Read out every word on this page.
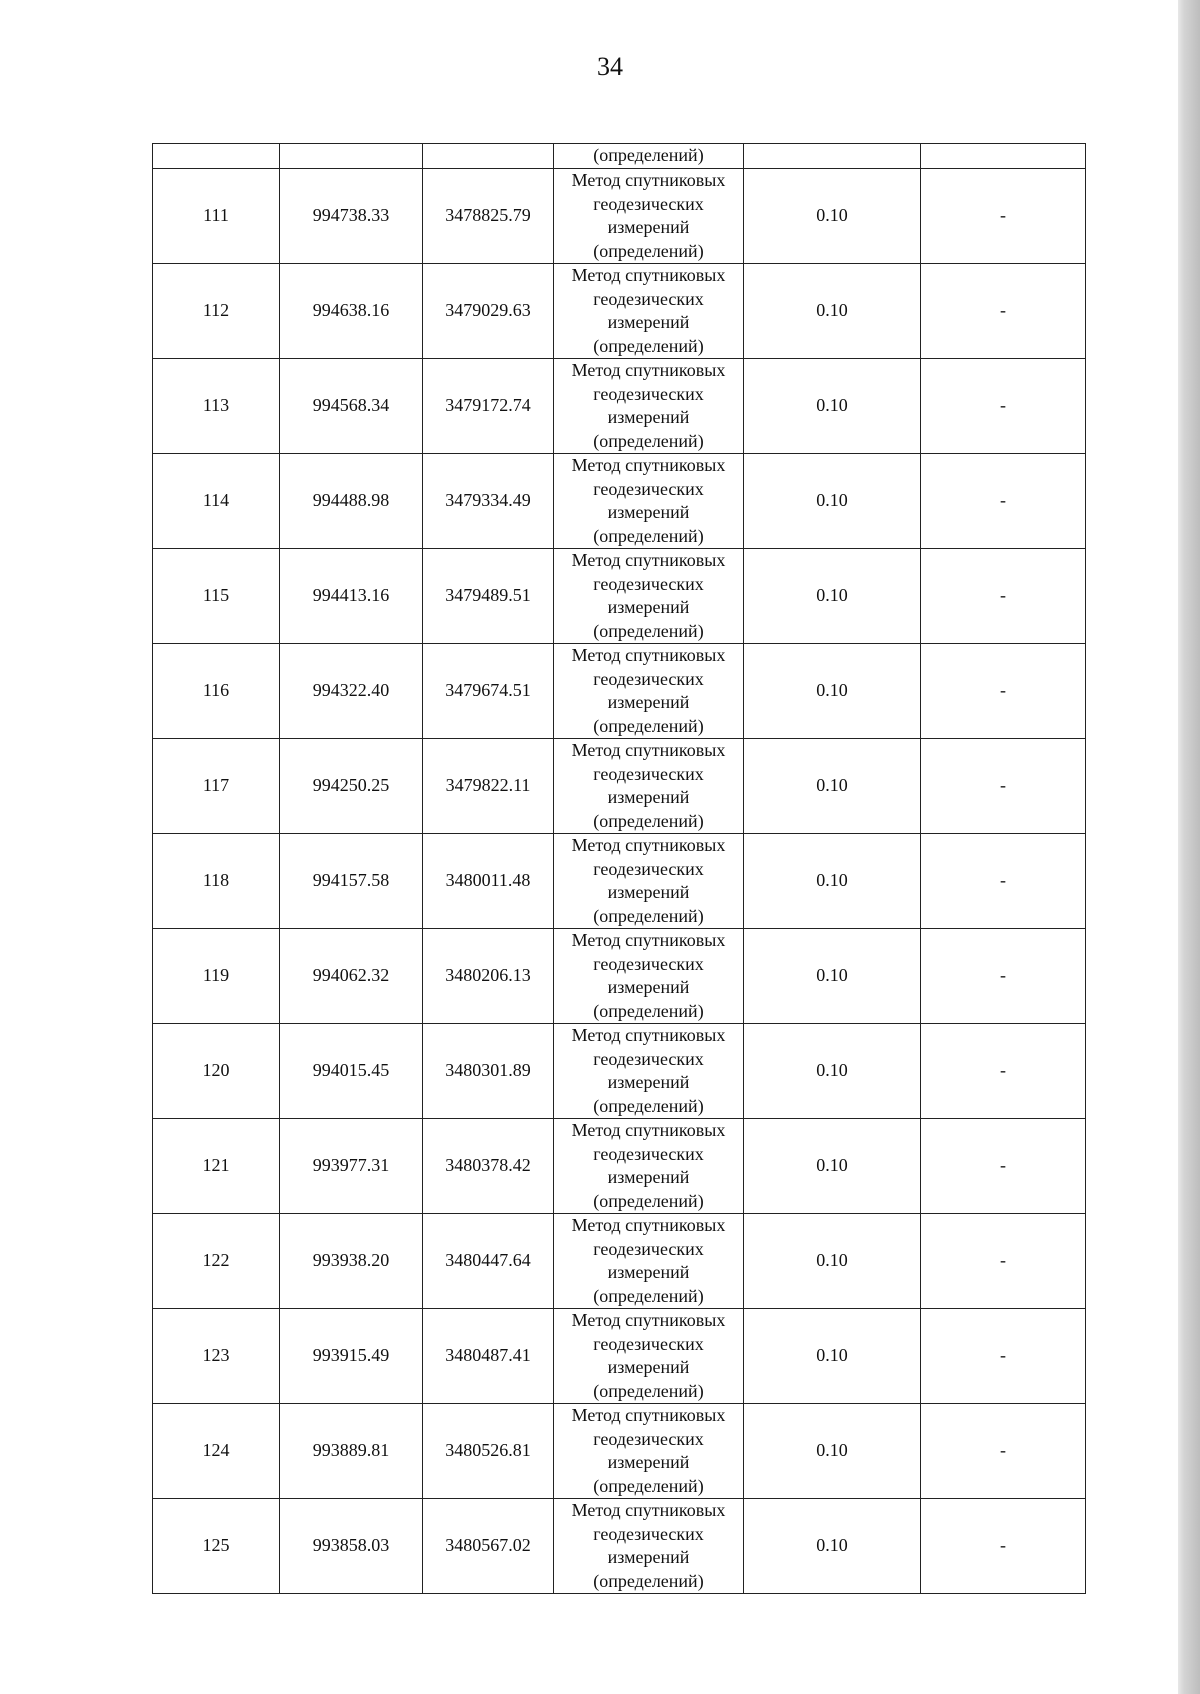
34
			(определений)		
111	994738.33	3478825.79	Метод спутниковых
геодезических
измерений
(определений)	0.10	-
112	994638.16	3479029.63	Метод спутниковых
геодезических
измерений
(определений)	0.10	-
113	994568.34	3479172.74	Метод спутниковых
геодезических
измерений
(определений)	0.10	-
114	994488.98	3479334.49	Метод спутниковых
геодезических
измерений
(определений)	0.10	-
115	994413.16	3479489.51	Метод спутниковых
геодезических
измерений
(определений)	0.10	-
116	994322.40	3479674.51	Метод спутниковых
геодезических
измерений
(определений)	0.10	-
117	994250.25	3479822.11	Метод спутниковых
геодезических
измерений
(определений)	0.10	-
118	994157.58	3480011.48	Метод спутниковых
геодезических
измерений
(определений)	0.10	-
119	994062.32	3480206.13	Метод спутниковых
геодезических
измерений
(определений)	0.10	-
120	994015.45	3480301.89	Метод спутниковых
геодезических
измерений
(определений)	0.10	-
121	993977.31	3480378.42	Метод спутниковых
геодезических
измерений
(определений)	0.10	-
122	993938.20	3480447.64	Метод спутниковых
геодезических
измерений
(определений)	0.10	-
123	993915.49	3480487.41	Метод спутниковых
геодезических
измерений
(определений)	0.10	-
124	993889.81	3480526.81	Метод спутниковых
геодезических
измерений
(определений)	0.10	-
125	993858.03	3480567.02	Метод спутниковых
геодезических
измерений
(определений)	0.10	-
